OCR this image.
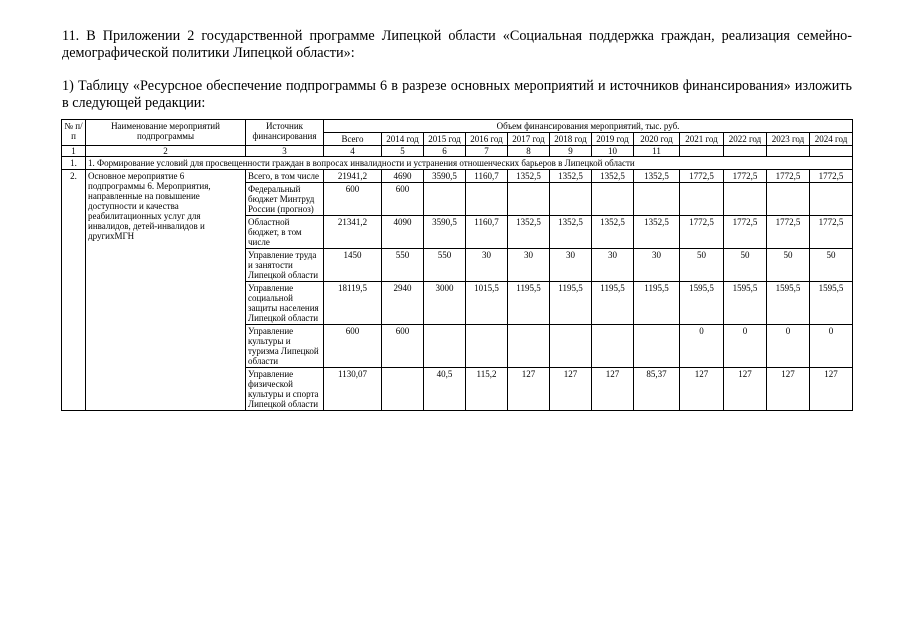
11. В Приложении 2 государственной программе Липецкой области «Социальная поддержка граждан, реализация семейно-демографической политики Липецкой области»:
1) Таблицу «Ресурсное обеспечение подпрограммы 6 в разрезе основных мероприятий и источников финансирования» изложить в следующей редакции:
№ п/п	Наименование мероприятий подпрограммы	Источник финансирования	Объем финансирования мероприятий, тыс. руб.											
			Всего	2014 год	2015 год	2016 год	2017 год	2018 год	2019 год	2020 год	2021 год	2022 год	2023 год	2024 год
1	2	3	4	5	6	7	8	9	10	11				
1.	1. Формирование условий для просвещенности граждан в вопросах инвалидности и устранения отношенческих барьеров в Липецкой области													
2.	Основное мероприятие 6 подпрограммы 6. Мероприятия, направленные на повышение доступности и качества реабилитационных услуг для инвалидов, детей-инвалидов и другихМГН	Всего, в том числе	21941,2	4690	3590,5	1160,7	1352,5	1352,5	1352,5	1352,5	1772,5	1772,5	1772,5	1772,5
		Федеральный бюджет Минтруд России (прогноз)	600	600										
		Областной бюджет, в том числе	21341,2	4090	3590,5	1160,7	1352,5	1352,5	1352,5	1352,5	1772,5	1772,5	1772,5	1772,5
		Управление труда и занятости Липецкой области	1450	550	550	30	30	30	30	30	50	50	50	50
		Управление социальной защиты населения Липецкой области	18119,5	2940	3000	1015,5	1195,5	1195,5	1195,5	1195,5	1595,5	1595,5	1595,5	1595,5
		Управление культуры и туризма Липецкой области	600	600							0	0	0	0
		Управление физической культуры и спорта Липецкой области	1130,07		40,5	115,2	127	127	127	85,37	127	127	127	127
